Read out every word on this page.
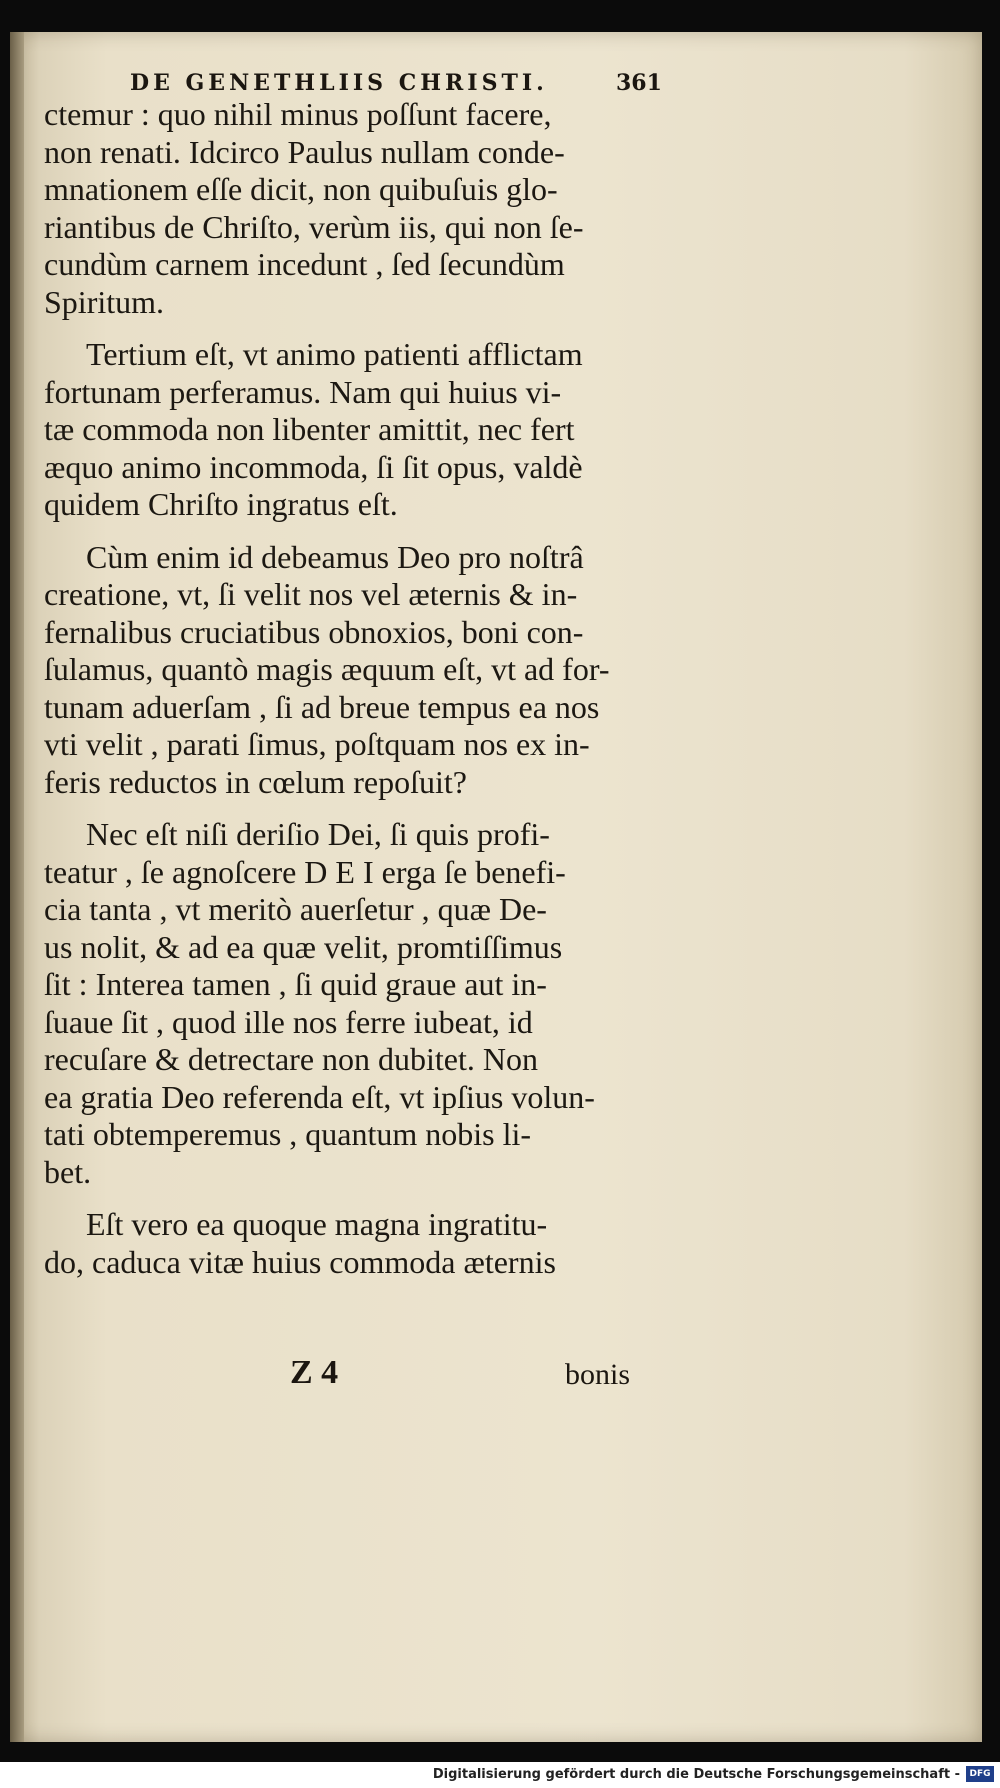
DE GENETHLIIS CHRISTI.	361
ctemur : quo nihil minus poſſunt facere,
non renati. Idcirco Paulus nullam conde-
mnationem eſſe dicit, non quibuſuis glo-
riantibus de Chriſto, verùm iis, qui non ſe-
cundùm carnem incedunt , ſed ſecundùm
Spiritum.
Tertium eſt, vt animo patienti afflictam
fortunam perferamus. Nam qui huius vi-
tæ commoda non libenter amittit, nec fert
æquo animo incommoda, ſi ſit opus, valdè
quidem Chriſto ingratus eſt.
Cùm enim id debeamus Deo pro noſtrâ
creatione, vt, ſi velit nos vel æternis & in-
fernalibus cruciatibus obnoxios, boni con-
ſulamus, quantò magis æquum eſt, vt ad for-
tunam aduerſam , ſi ad breue tempus ea nos
vti velit , parati ſimus, poſtquam nos ex in-
feris reductos in cœlum repoſuit?
Nec eſt niſi deriſio Dei, ſi quis profi-
teatur , ſe agnoſcere D E I erga ſe benefi-
cia tanta , vt meritò auerſetur , quæ De-
us nolit, & ad ea quæ velit, promtiſſimus
ſit : Interea tamen , ſi quid graue aut in-
ſuaue ſit , quod ille nos ferre iubeat, id
recuſare & detrectare non dubitet. Non
ea gratia Deo referenda eſt, vt ipſius volun-
tati obtemperemus , quantum nobis li-
bet.
Eſt vero ea quoque magna ingratitu-
do, caduca vitæ huius commoda æternis
Z 4	bonis
Digitalisierung gefördert durch die Deutsche Forschungsgemeinschaft -	DFG
